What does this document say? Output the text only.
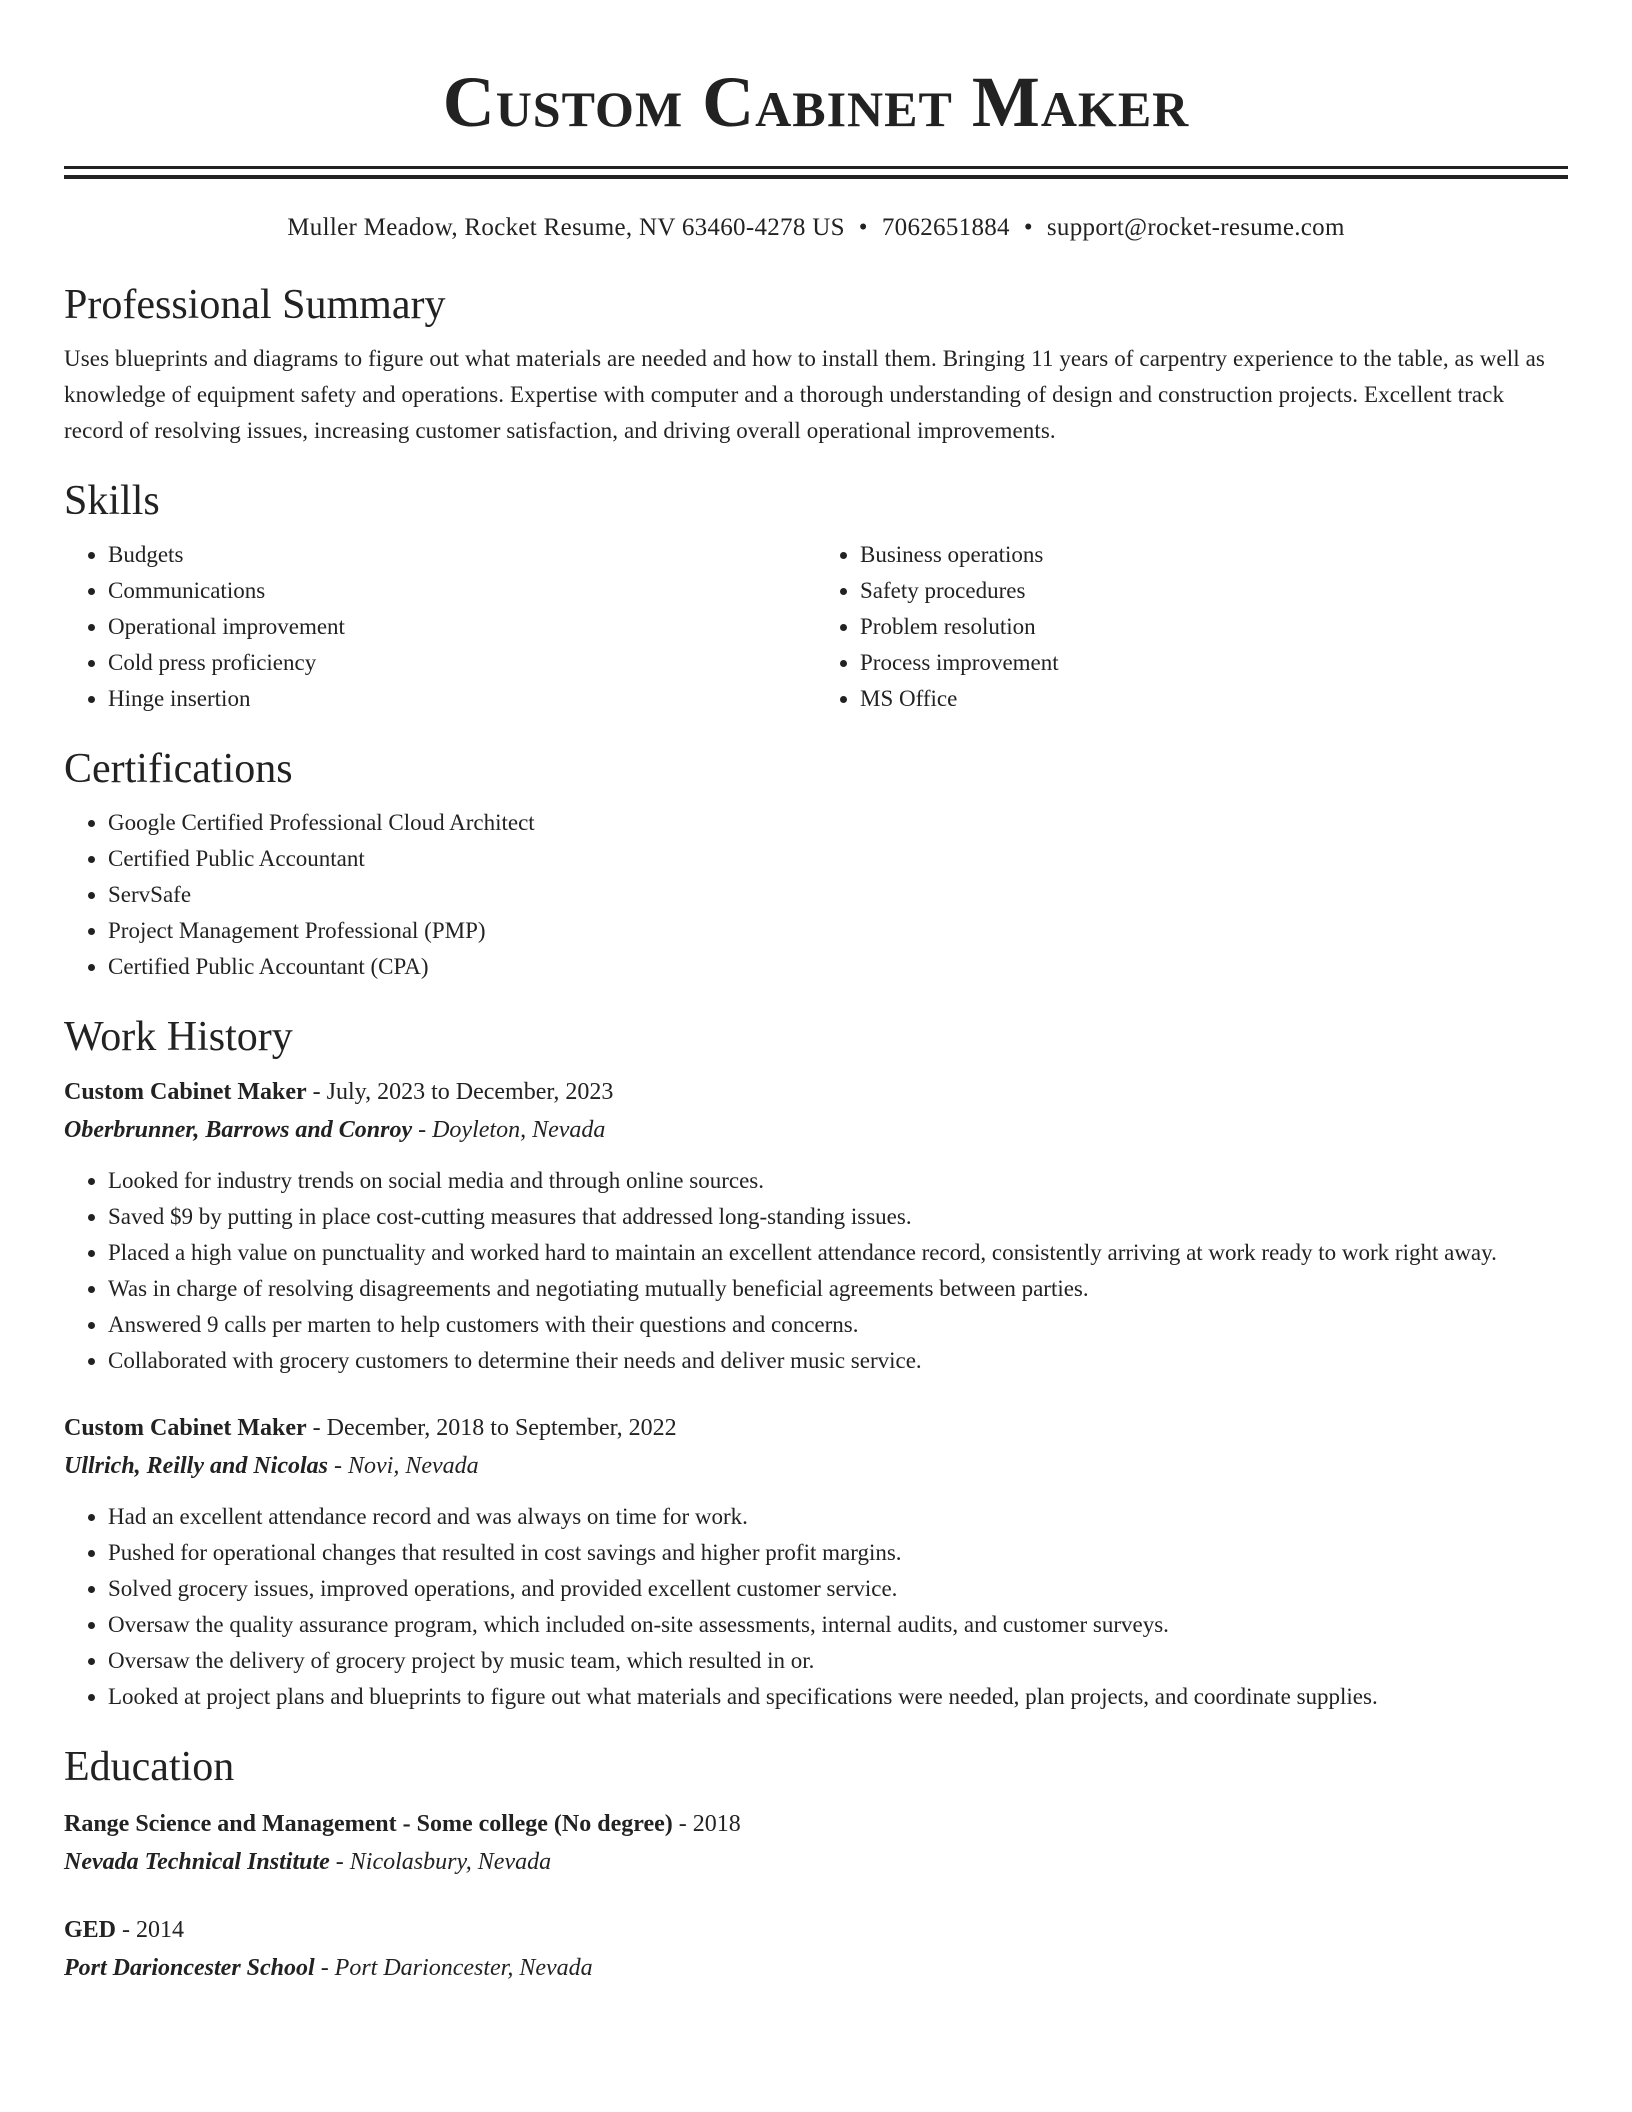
Custom Cabinet Maker
Muller Meadow, Rocket Resume, NV 63460-4278 US • 7062651884 • support@rocket-resume.com
Professional Summary

Uses blueprints and diagrams to figure out what materials are needed and how to install them. Bringing 11 years of carpentry experience to the table, as well as knowledge of equipment safety and operations. Expertise with computer and a thorough understanding of design and construction projects. Excellent track record of resolving issues, increasing customer satisfaction, and driving overall operational improvements.

Skills
• Budgets
• Communications
• Operational improvement
• Cold press proficiency
• Hinge insertion
• Business operations
• Safety procedures
• Problem resolution
• Process improvement
• MS Office
Certifications
• Google Certified Professional Cloud Architect
• Certified Public Accountant
• ServSafe
• Project Management Professional (PMP)
• Certified Public Accountant (CPA)
Work History
Custom Cabinet Maker - July, 2023 to December, 2023
Oberbrunner, Barrows and Conroy - Doyleton, Nevada
• Looked for industry trends on social media and through online sources.
• Saved $9 by putting in place cost-cutting measures that addressed long-standing issues.
• Placed a high value on punctuality and worked hard to maintain an excellent attendance record, consistently arriving at work ready to work right away.
• Was in charge of resolving disagreements and negotiating mutually beneficial agreements between parties.
• Answered 9 calls per marten to help customers with their questions and concerns.
• Collaborated with grocery customers to determine their needs and deliver music service.
Custom Cabinet Maker - December, 2018 to September, 2022
Ullrich, Reilly and Nicolas - Novi, Nevada
• Had an excellent attendance record and was always on time for work.
• Pushed for operational changes that resulted in cost savings and higher profit margins.
• Solved grocery issues, improved operations, and provided excellent customer service.
• Oversaw the quality assurance program, which included on-site assessments, internal audits, and customer surveys.
• Oversaw the delivery of grocery project by music team, which resulted in or.
• Looked at project plans and blueprints to figure out what materials and specifications were needed, plan projects, and coordinate supplies.
Education
Range Science and Management - Some college (No degree) - 2018
Nevada Technical Institute - Nicolasbury, Nevada
GED - 2014
Port Darioncester School - Port Darioncester, Nevada
